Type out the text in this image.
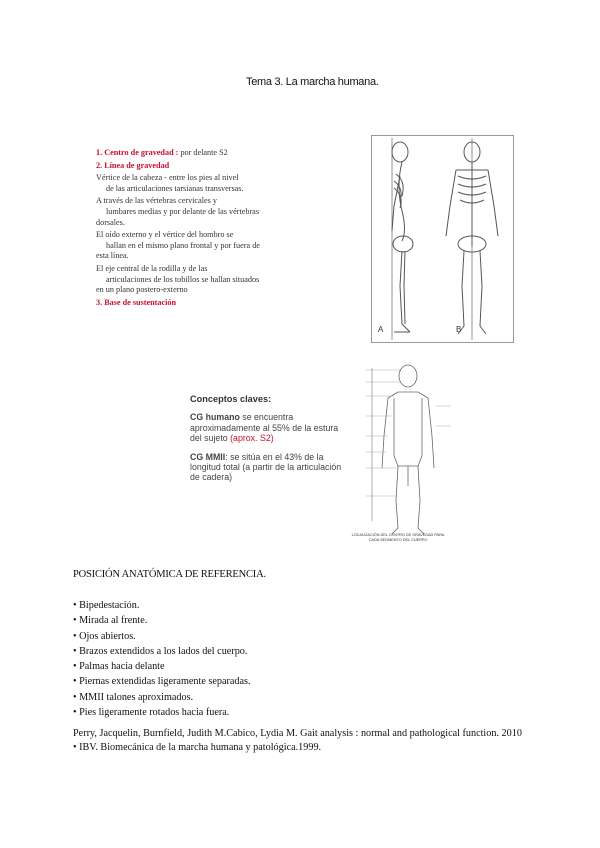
Tema 3. La marcha humana.

1. Centro de gravedad : por delante S2

2. Línea de gravedad

Vértice de la cabeza - entre los pies al nivel
de las articulaciones tarsianas transversas.

A través de las vértebras cervicales y
lumbares medias y por delante de las vértebras dorsales.

El oído externo y el vértice del hombro se
hallan en el mismo plano frontal y por fuera de esta línea.

El eje central de la rodilla y de las
articulaciones de los tobillos se hallan situados en un plano postero-externo

3. Base de sustentación

A	B
Conceptos claves:

CG humano se encuentra aproximadamente al 55% de la estura del sujeto (aprox. S2)

CG MMII: se sitúa en el 43% de la longitud total (a partir de la articulación de cadera)

LOCALIZACIÓN DEL CENTRO DE GRAVEDAD PARA
CADA SEGMENTO DEL CUERPO
POSICIÓN ANATÓMICA DE REFERENCIA.
• Bipedestación.
• Mirada al frente.
• Ojos abiertos.
• Brazos extendidos a los lados del cuerpo.
• Palmas hacia delante
• Piernas extendidas ligeramente separadas.
• MMII talones aproximados.
• Pies ligeramente rotados hacia fuera.

Perry, Jacquelin, Burnfield, Judith M.Cabico, Lydia M. Gait analysis : normal and pathological function. 2010

• IBV. Biomecánica de la marcha humana y patológica.1999.
